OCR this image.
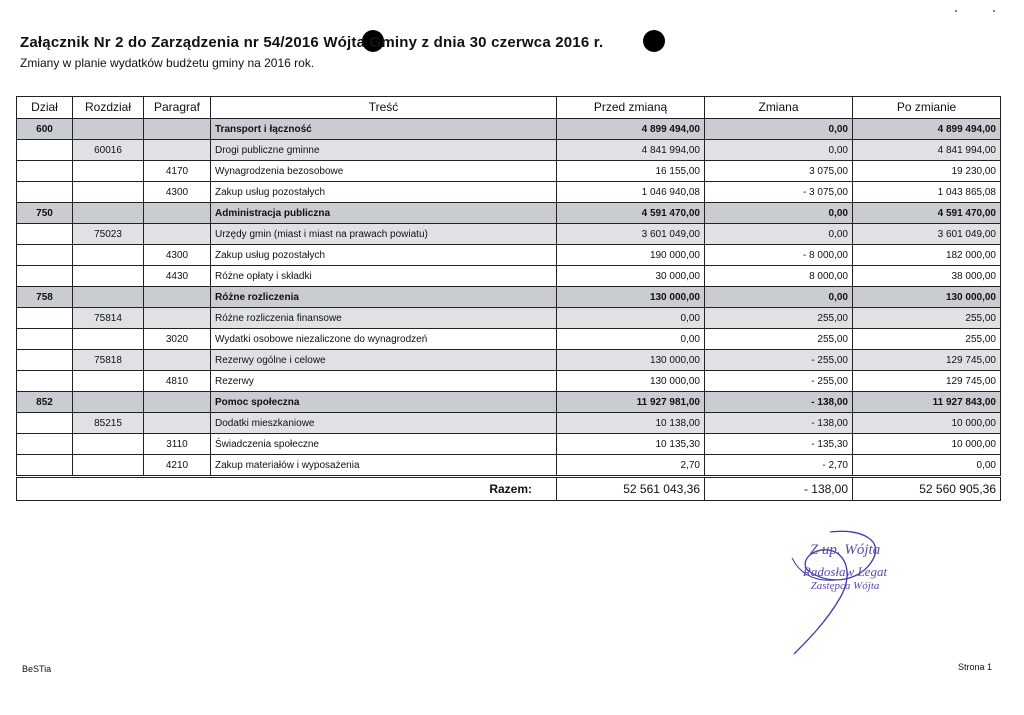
Załącznik Nr 2 do Zarządzenia nr 54/2016 Wójta Gminy z dnia 30 czerwca 2016 r.
Zmiany w planie wydatków budżetu gminy na 2016 rok.
Dział	Rozdział	Paragraf	Treść	Przed zmianą	Zmiana	Po zmianie
600			Transport i łączność	4 899 494,00	0,00	4 899 494,00
	60016		Drogi publiczne gminne	4 841 994,00	0,00	4 841 994,00
		4170	Wynagrodzenia bezosobowe	16 155,00	3 075,00	19 230,00
		4300	Zakup usług pozostałych	1 046 940,08	- 3 075,00	1 043 865,08
750			Administracja publiczna	4 591 470,00	0,00	4 591 470,00
	75023		Urzędy gmin (miast i miast na prawach powiatu)	3 601 049,00	0,00	3 601 049,00
		4300	Zakup usług pozostałych	190 000,00	- 8 000,00	182 000,00
		4430	Różne opłaty i składki	30 000,00	8 000,00	38 000,00
758			Różne rozliczenia	130 000,00	0,00	130 000,00
	75814		Różne rozliczenia finansowe	0,00	255,00	255,00
		3020	Wydatki osobowe niezaliczone do wynagrodzeń	0,00	255,00	255,00
	75818		Rezerwy ogólne i celowe	130 000,00	- 255,00	129 745,00
		4810	Rezerwy	130 000,00	- 255,00	129 745,00
852			Pomoc społeczna	11 927 981,00	- 138,00	11 927 843,00
	85215		Dodatki mieszkaniowe	10 138,00	- 138,00	10 000,00
		3110	Świadczenia społeczne	10 135,30	- 135,30	10 000,00
		4210	Zakup materiałów i wyposażenia	2,70	- 2,70	0,00
Razem:	52 561 043,36	- 138,00	52 560 905,36
Z up. Wójta
Radosław Legat
Zastępca Wójta
BeSTia	Strona 1
